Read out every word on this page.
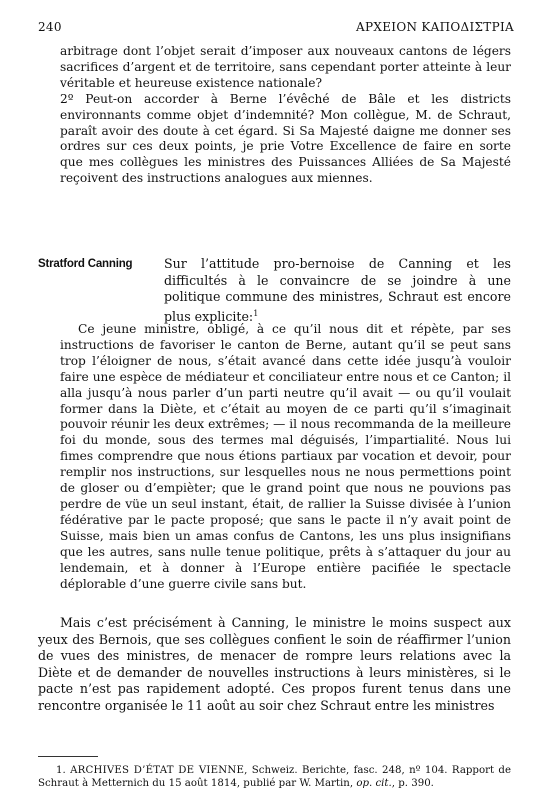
240	ΑΡΧΕΙΟΝ ΚΑΠΟΔΙΣΤΡΙΑ

arbitrage dont l’objet serait d’imposer aux nouveaux cantons de légers sacrifices d’argent et de territoire, sans cependant porter atteinte à leur véritable et heureuse existence nationale?

2º Peut-on accorder à Berne l’évêché de Bâle et les districts environnants comme objet d’indemnité? Mon collègue, M. de Schraut, paraît avoir des doute à cet égard. Si Sa Majesté daigne me donner ses ordres sur ces deux points, je prie Votre Excellence de faire en sorte que mes collègues les ministres des Puissances Alliées de Sa Majesté reçoivent des instructions analogues aux miennes.

Stratford Canning	Sur l’attitude pro-bernoise de Canning et les difficultés à le convaincre de se joindre à une politique commune des ministres, Schraut est encore plus explicite:$^1$

Ce jeune ministre, obligé, à ce qu’il nous dit et répète, par ses instructions de favoriser le canton de Berne, autant qu’il se peut sans trop l’éloigner de nous, s’était avancé dans cette idée jusqu’à vouloir faire une espèce de médiateur et conciliateur entre nous et ce Canton; il alla jusqu’à nous parler d’un parti neutre qu’il avait — ou qu’il voulait former dans la Diète, et c’était au moyen de ce parti qu’il s’imaginait pouvoir réunir les deux extrêmes; — il nous recommanda de la meilleure foi du monde, sous des termes mal déguisés, l’impartialité. Nous lui fimes comprendre que nous étions partiaux par vocation et devoir, pour remplir nos instructions, sur lesquelles nous ne nous permettions point de gloser ou d’empièter; que le grand point que nous ne pouvions pas perdre de vüe un seul instant, était, de rallier la Suisse divisée à l’union fédérative par le pacte proposé; que sans le pacte il n’y avait point de Suisse, mais bien un amas confus de Cantons, les uns plus insignifians que les autres, sans nulle tenue politique, prêts à s’attaquer du jour au lendemain, et à donner à l’Europe entière pacifiée le spectacle déplorable d’une guerre civile sans but.

Mais c’est précisément à Canning, le ministre le moins suspect aux yeux des Bernois, que ses collègues confient le soin de réaffirmer l’union de vues des ministres, de menacer de rompre leurs relations avec la Diète et de demander de nouvelles instructions à leurs ministères, si le pacte n’est pas rapidement adopté. Ces propos furent tenus dans une rencontre organisée le 11 août au soir chez Schraut entre les ministres

1. ARCHIVES D’ÉTAT DE VIENNE, Schweiz. Berichte, fasc. 248, nº 104. Rapport de Schraut à Metternich du 15 août 1814, publié par W. Martin, op. cit., p. 390.
